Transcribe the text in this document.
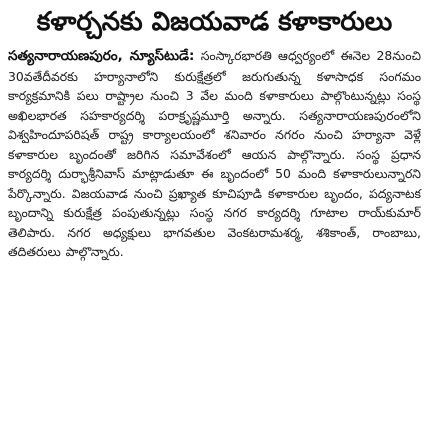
కళార్చనకు విజయవాడ కళాకారులు
సత్యనారాయణపురం, న్యూస్‌టుడే: సంస్కారభారతి ఆధ్వర్యంలో ఈనెల 28నుంచి 30వతేదీవరకు హర్యానాలోని కురుక్షేత్రలో జరుగుతున్న కళాసాధక సంగమం కార్యక్రమానికి పలు రాష్ట్రాల నుంచి 3 వేల మంది కళాకారులు పాల్గొంటున్నట్లు సంస్థ అఖిలభారత సహకార్యదర్శి పరాక్రృష్ణమూర్తి అన్నారు. సత్యనారాయణపురంలోని విశ్వహిందూపరిషత్ రాష్ట్ర కార్యాలయంలో శనివారం నగరం నుంచి హర్యానా వెళ్లే కళాకారుల బృందంతో జరిగిన సమావేశంలో ఆయన పాల్గొన్నారు. సంస్థ ప్రధాన కార్యదర్శి దుర్భాశ్రీనివాస్ మాట్లాడుతూ ఈ బృందంలో 50 మంది కళాకారులున్నారని పేర్కొన్నారు. విజయవాడ నుంచి ప్రఖ్యాత కూచిపూడి కళాకారుల బృందం, పద్యనాటక బృందాన్ని కురుక్షేత్ర పంపుతున్నట్లు సంస్థ నగర కార్యదర్శి గూటాల రాయ్‌కుమార్ తెలిపారు. నగర అధ్యక్షులు భాగవతుల వెంకటరామశర్మ, శశికాంత్, రాంబాబు, తదితరులు పాల్గొన్నారు.
